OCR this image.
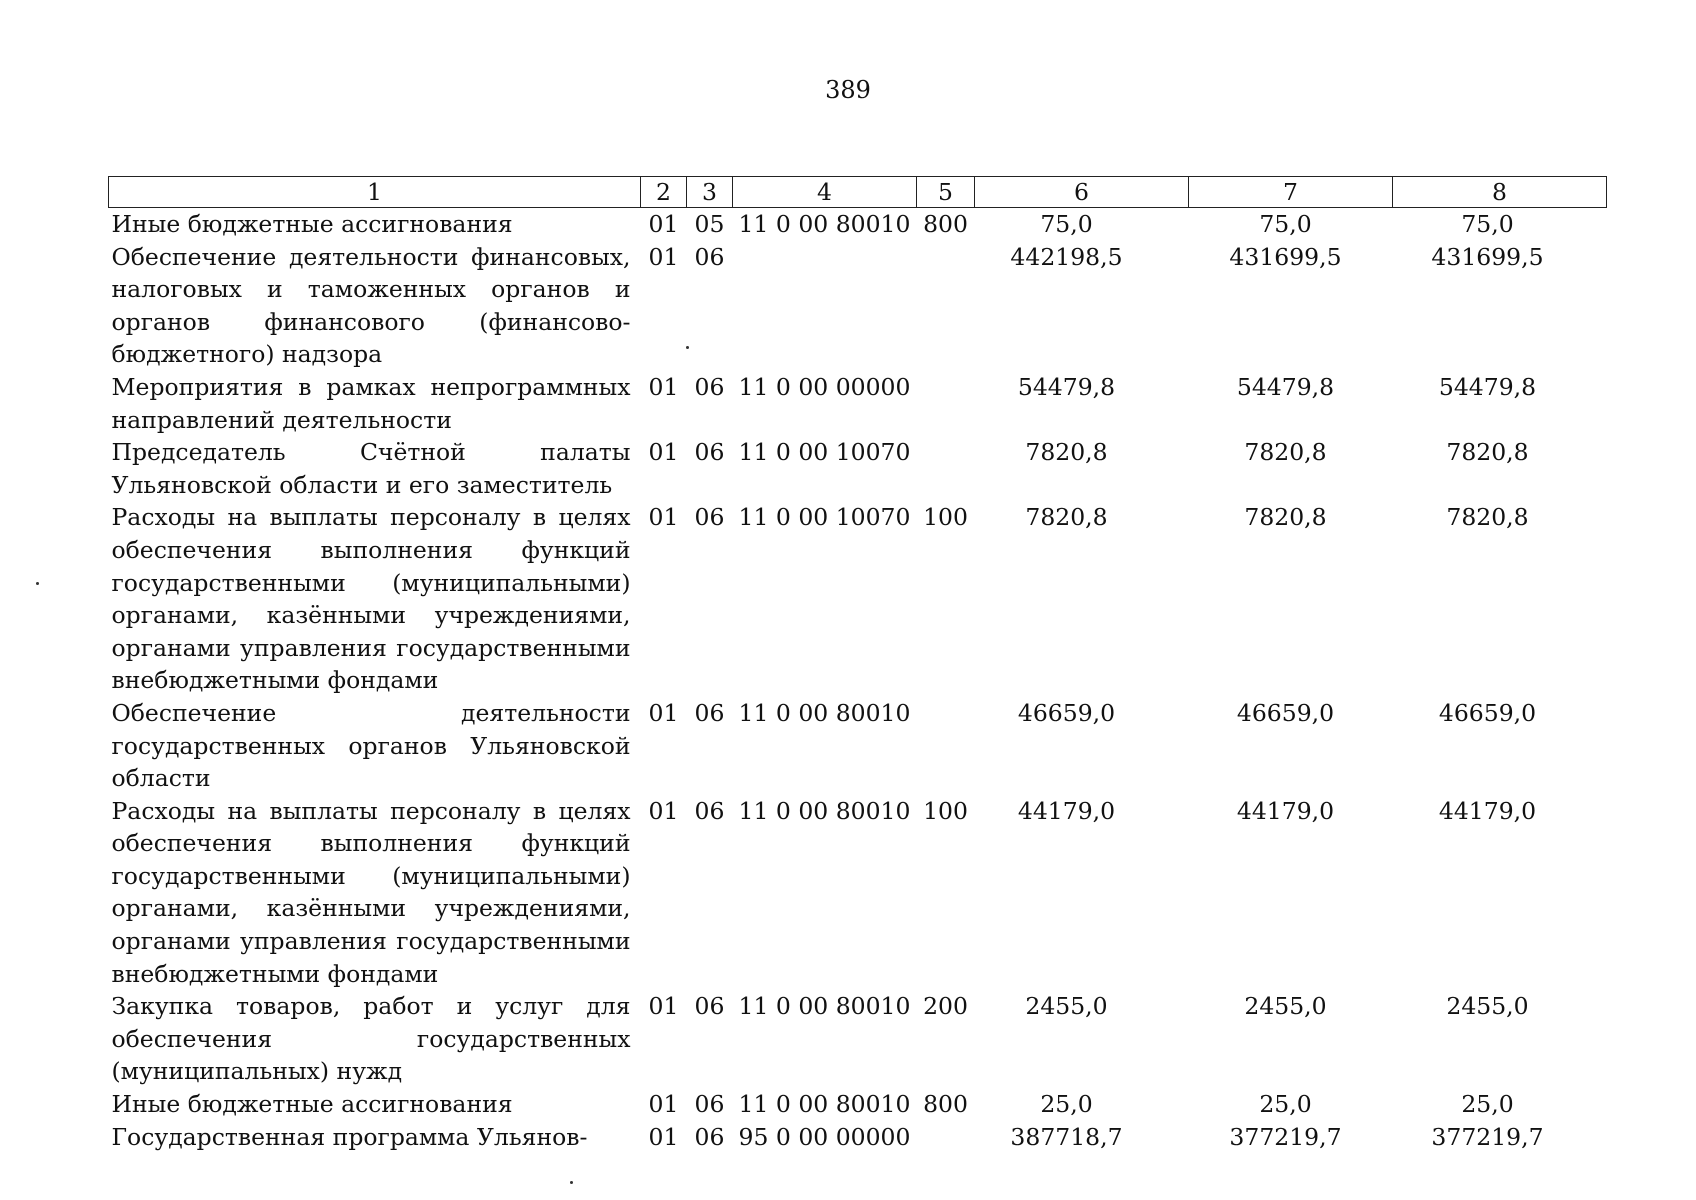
389
1	2	3	4	5	6	7	8
Иные бюджетные ассигнования	01	05	11 0 00 80010	800	75,0	75,0	75,0
Обеспечение деятельности финансовых, налоговых и таможенных органов и органов финансового (финансово-бюджетного) надзора	01	06			442198,5	431699,5	431699,5
Мероприятия в рамках непрограммных направлений деятельности	01	06	11 0 00 00000		54479,8	54479,8	54479,8
Председатель Счётной палаты Ульяновской области и его заместитель	01	06	11 0 00 10070		7820,8	7820,8	7820,8
Расходы на выплаты персоналу в целях обеспечения выполнения функций государственными (муниципальными) органами, казёнными учреждениями, органами управления государственными внебюджетными фондами	01	06	11 0 00 10070	100	7820,8	7820,8	7820,8
Обеспечение деятельности государственных органов Ульяновской области	01	06	11 0 00 80010		46659,0	46659,0	46659,0
Расходы на выплаты персоналу в целях обеспечения выполнения функций государственными (муниципальными) органами, казёнными учреждениями, органами управления государственными внебюджетными фондами	01	06	11 0 00 80010	100	44179,0	44179,0	44179,0
Закупка товаров, работ и услуг для обеспечения государственных (муниципальных) нужд	01	06	11 0 00 80010	200	2455,0	2455,0	2455,0
Иные бюджетные ассигнования	01	06	11 0 00 80010	800	25,0	25,0	25,0
Государственная программа Ульянов-	01	06	95 0 00 00000		387718,7	377219,7	377219,7
